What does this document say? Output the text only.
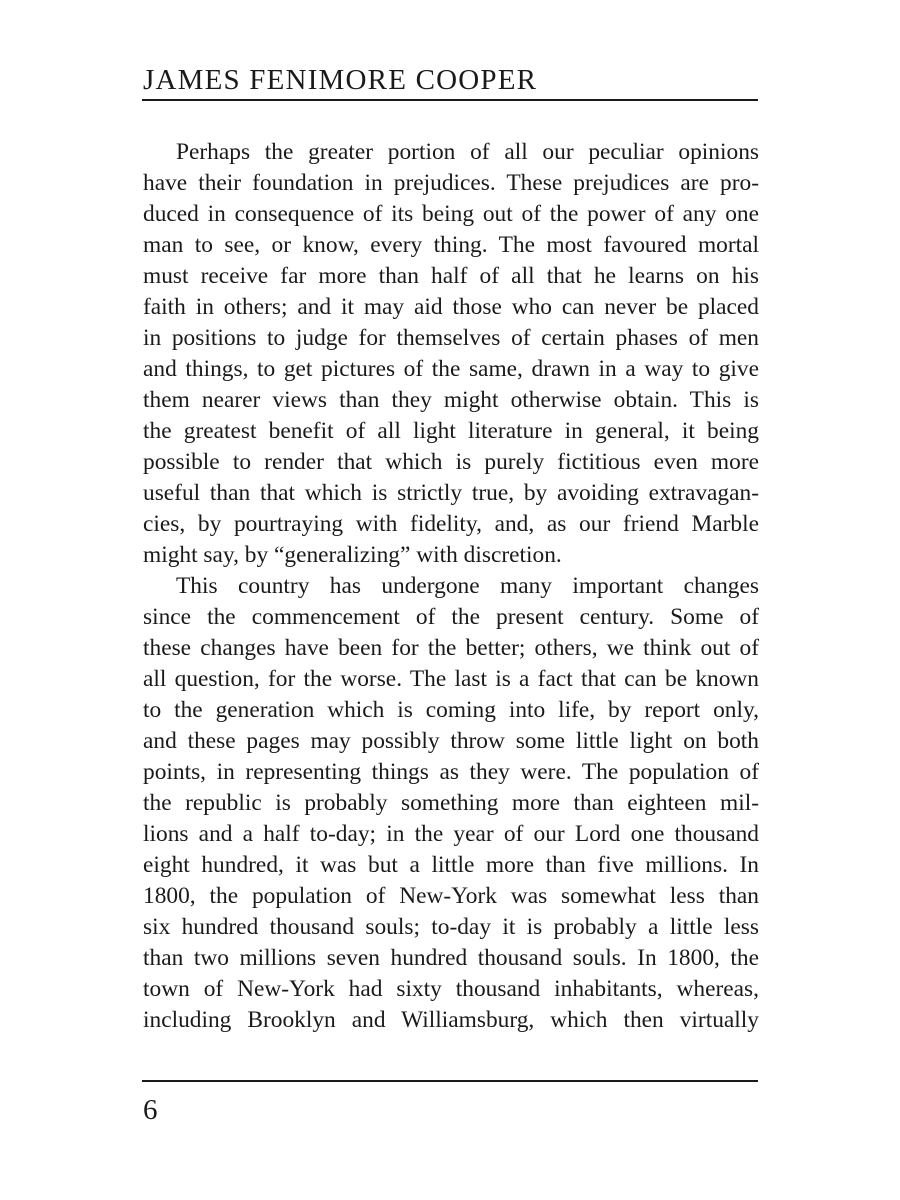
JAMES FENIMORE COOPER
Perhaps the greater portion of all our peculiar opinions
have their foundation in prejudices. These prejudices are pro-
duced in consequence of its being out of the power of any one
man to see, or know, every thing. The most favoured mortal
must receive far more than half of all that he learns on his
faith in others; and it may aid those who can never be placed
in positions to judge for themselves of certain phases of men
and things, to get pictures of the same, drawn in a way to give
them nearer views than they might otherwise obtain. This is
the greatest benefit of all light literature in general, it being
possible to render that which is purely fictitious even more
useful than that which is strictly true, by avoiding extravagan-
cies, by pourtraying with fidelity, and, as our friend Marble
might say, by “generalizing” with discretion.
This country has undergone many important changes
since the commencement of the present century. Some of
these changes have been for the better; others, we think out of
all question, for the worse. The last is a fact that can be known
to the generation which is coming into life, by report only,
and these pages may possibly throw some little light on both
points, in representing things as they were. The population of
the republic is probably something more than eighteen mil-
lions and a half to-day; in the year of our Lord one thousand
eight hundred, it was but a little more than five millions. In
1800, the population of New-York was somewhat less than
six hundred thousand souls; to-day it is probably a little less
than two millions seven hundred thousand souls. In 1800, the
town of New-York had sixty thousand inhabitants, whereas,
including Brooklyn and Williamsburg, which then virtually
6
